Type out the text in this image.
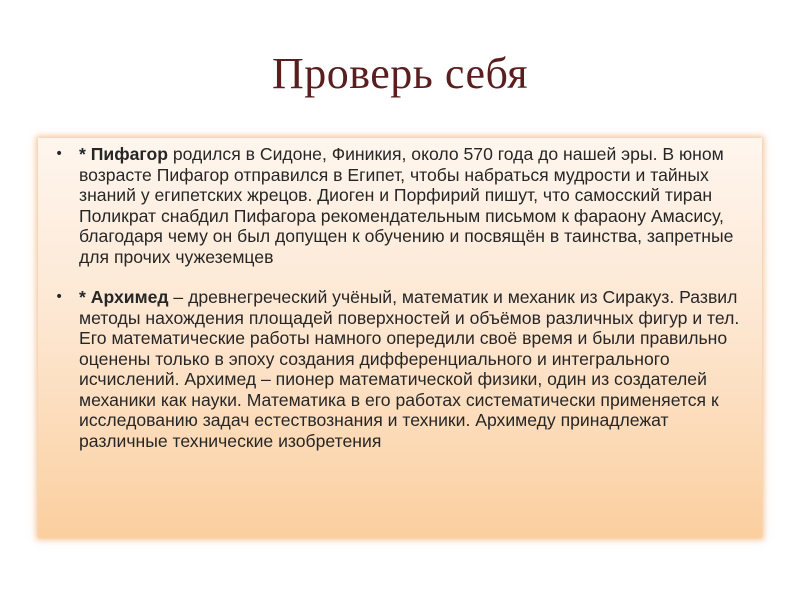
Проверь себя
• * Пифагор родился в Сидоне, Финикия, около 570 года до нашей эры. В юном возрасте Пифагор отправился в Египет, чтобы набраться мудрости и тайных знаний у египетских жрецов. Диоген и Порфирий пишут, что самосский тиран Поликрат снабдил Пифагора рекомендательным письмом к фараону Амасису, благодаря чему он был допущен к обучению и посвящён в таинства, запретные для прочих чужеземцев
• * Архимед – древнегреческий учёный, математик и механик из Сиракуз. Развил методы нахождения площадей поверхностей и объёмов различных фигур и тел. Его математические работы намного опередили своё время и были правильно оценены только в эпоху создания дифференциального и интегрального исчислений. Архимед – пионер математической физики, один из создателей механики как науки. Математика в его работах систематически применяется к исследованию задач естествознания и техники. Архимеду принадлежат различные технические изобретения
